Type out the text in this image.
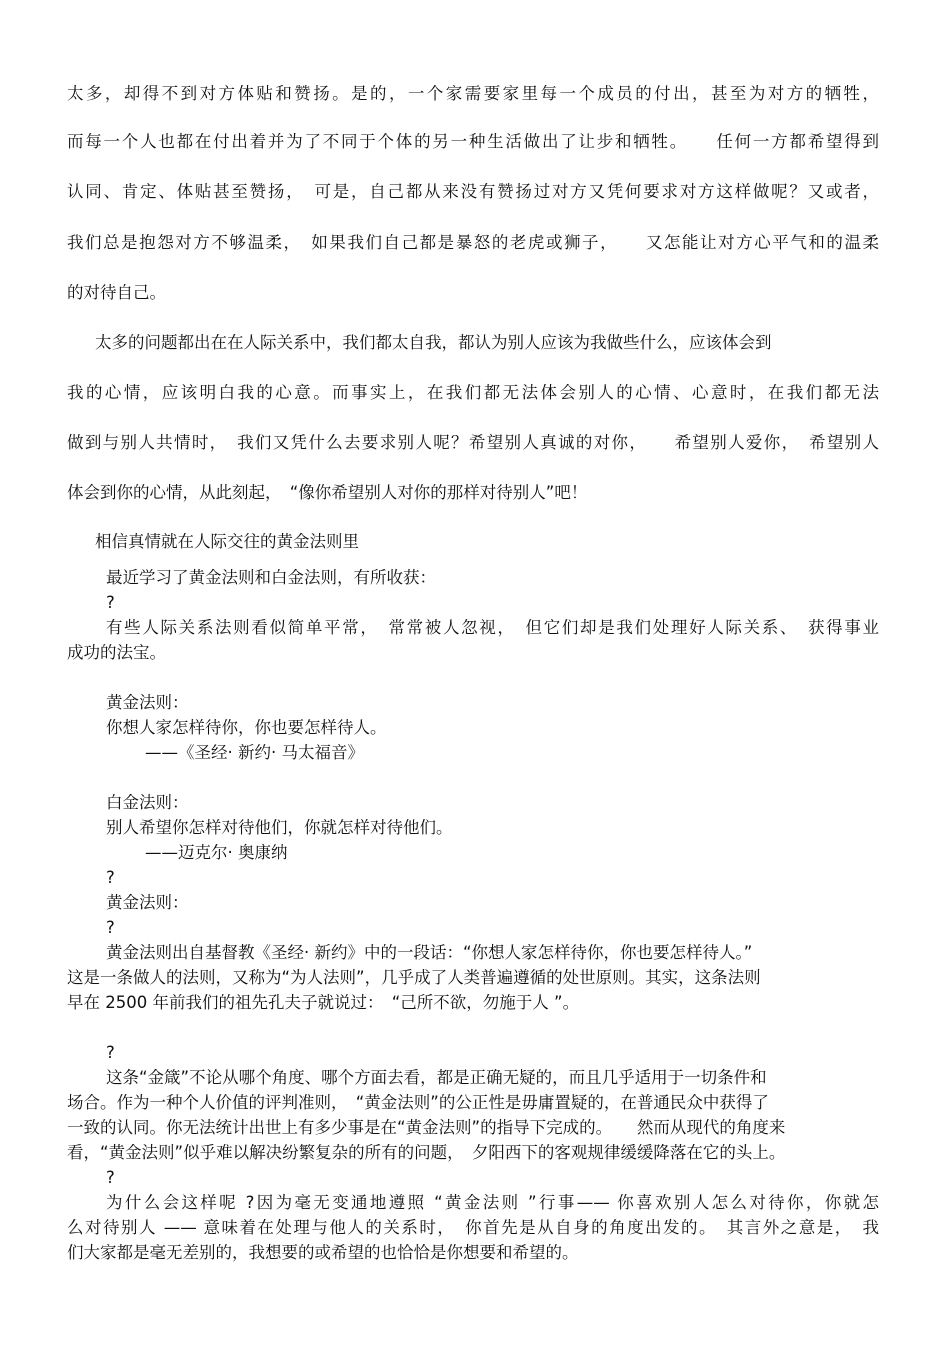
太多，却得不到对方体贴和赞扬。是的，一个家需要家里每一个成员的付出，甚至为对方的牺牲，
而每一个人也都在付出着并为了不同于个体的另一种生活做出了让步和牺牲。　　任何一方都希望得到
认同、肯定、体贴甚至赞扬，　可是，自己都从来没有赞扬过对方又凭何要求对方这样做呢？又或者，
我们总是抱怨对方不够温柔，　如果我们自己都是暴怒的老虎或狮子，　　又怎能让对方心平气和的温柔
的对待自己。
太多的问题都出在在人际关系中，我们都太自我，都认为别人应该为我做些什么，应该体会到
我的心情，应该明白我的心意。而事实上，在我们都无法体会别人的心情、心意时，在我们都无法
做到与别人共情时，　我们又凭什么去要求别人呢？希望别人真诚的对你，　　希望别人爱你，　希望别人
体会到你的心情，从此刻起，　“像你希望别人对你的那样对待别人”吧！
相信真情就在人际交往的黄金法则里
最近学习了黄金法则和白金法则，有所收获：
?
有些人际关系法则看似简单平常，　常常被人忽视，　但它们却是我们处理好人际关系、　获得事业
成功的法宝。
黄金法则：
你想人家怎样待你，你也要怎样待人。
——《圣经· 新约· 马太福音》
白金法则：
别人希望你怎样对待他们，你就怎样对待他们。
——迈克尔· 奥康纳
?
黄金法则：
?
黄金法则出自基督教《圣经· 新约》中的一段话：“你想人家怎样待你，你也要怎样待人。”
这是一条做人的法则，又称为“为人法则”，几乎成了人类普遍遵循的处世原则。其实，这条法则
早在 2500 年前我们的祖先孔夫子就说过：　“己所不欲，勿施于人 ”。
?
这条“金箴”不论从哪个角度、哪个方面去看，都是正确无疑的，而且几乎适用于一切条件和
场合。作为一种个人价值的评判准则，　“黄金法则”的公正性是毋庸置疑的，在普通民众中获得了
一致的认同。你无法统计出世上有多少事是在“黄金法则”的指导下完成的。　　然而从现代的角度来
看，“黄金法则”似乎难以解决纷繁复杂的所有的问题，　夕阳西下的客观规律缓缓降落在它的头上。
?
为什么会这样呢 ?因为毫无变通地遵照 “黄金法则 ”行事—— 你喜欢别人怎么对待你，你就怎
么对待别人 —— 意味着在处理与他人的关系时，　你首先是从自身的角度出发的。　其言外之意是，　我
们大家都是毫无差别的，我想要的或希望的也恰恰是你想要和希望的。
